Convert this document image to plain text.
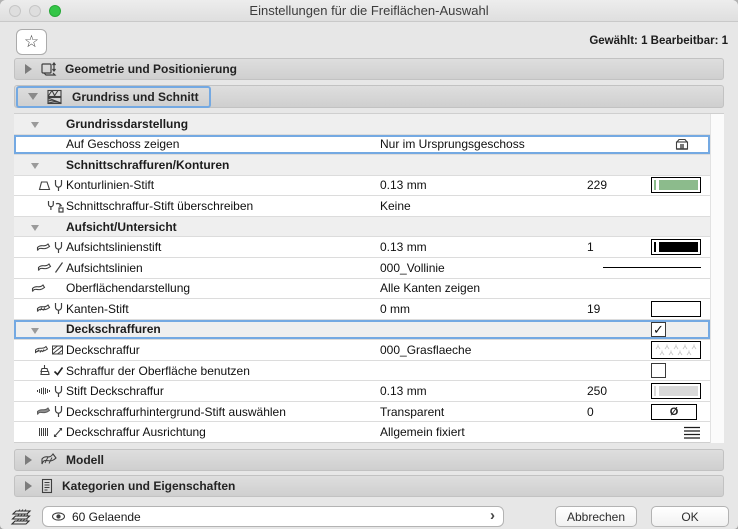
Einstellungen für die Freiflächen-Auswahl
☆	Gewählt: 1 Bearbeitbar: 1
Geometrie und Positionierung
Grundriss und Schnitt
Grundrissdarstellung
Auf Geschoss zeigen	Nur im Ursprungsgeschoss
Schnittschraffuren/Konturen
Konturlinien-Stift	0.13 mm	229
Schnittschraffur-Stift überschreiben	Keine
Aufsicht/Untersicht
Aufsichtslinienstift	0.13 mm	1
Aufsichtslinien	000_Vollinie
Oberflächendarstellung	Alle Kanten zeigen
Kanten-Stift	0 mm	19
Deckschraffuren	✓
Deckschraffur	000_Grasflaeche
Schraffur der Oberfläche benutzen
Stift Deckschraffur	0.13 mm	250
Deckschraffurhintergrund-Stift auswählen	Transparent	0	Ø
Deckschraffur Ausrichtung	Allgemein fixiert
Modell
Kategorien und Eigenschaften
60 Gelaende	›	Abbrechen	OK
